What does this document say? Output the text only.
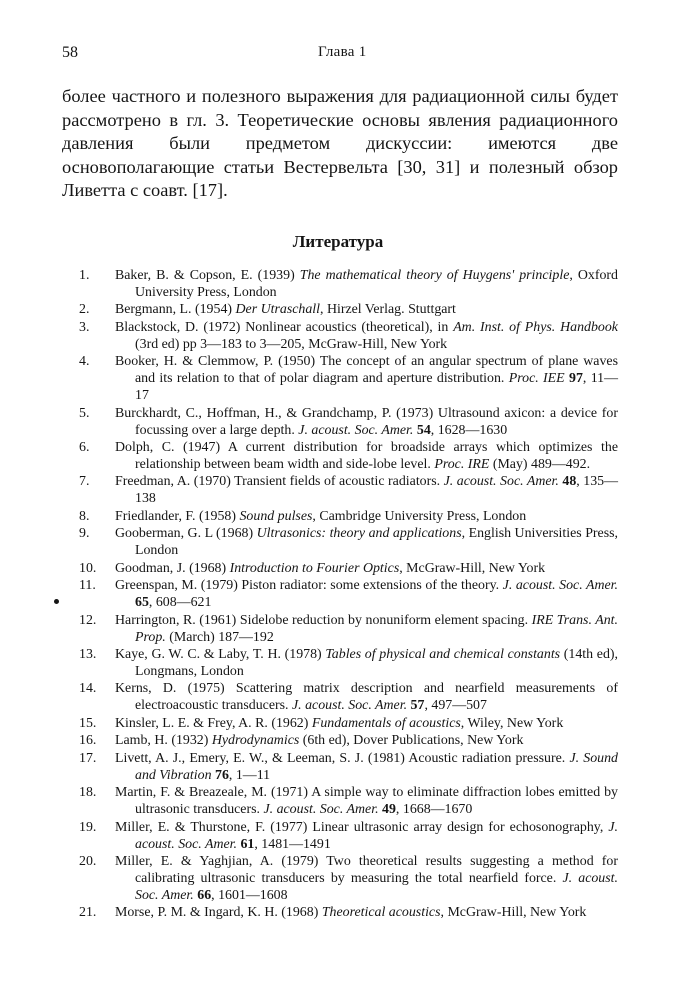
58	Глава 1

более частного и полезного выражения для радиационной силы будет рассмотрено в гл. 3. Теоретические основы явления радиационного давления были предметом дискуссии: имеются две основополагающие статьи Вестервельта [30, 31] и полезный обзор Ливетта с соавт. [17].

Литература
1. Baker, B. & Copson, E. (1939) The mathematical theory of Huygens' principle, Oxford University Press, London
2. Bergmann, L. (1954) Der Utraschall, Hirzel Verlag. Stuttgart
3. Blackstock, D. (1972) Nonlinear acoustics (theoretical), in Am. Inst. of Phys. Handbook (3rd ed) pp 3—183 to 3—205, McGraw-Hill, New York
4. Booker, H. & Clemmow, P. (1950) The concept of an angular spectrum of plane waves and its relation to that of polar diagram and aperture distribution. Proc. IEE 97, 11—17
5. Burckhardt, C., Hoffman, H., & Grandchamp, P. (1973) Ultrasound axicon: a device for focussing over a large depth. J. acoust. Soc. Amer. 54, 1628—1630
6. Dolph, C. (1947) A current distribution for broadside arrays which optimizes the relationship between beam width and side-lobe level. Proc. IRE (May) 489—492.
7. Freedman, A. (1970) Transient fields of acoustic radiators. J. acoust. Soc. Amer. 48, 135—138
8. Friedlander, F. (1958) Sound pulses, Cambridge University Press, London
9. Gooberman, G. L (1968) Ultrasonics: theory and applications, English Universities Press, London
10. Goodman, J. (1968) Introduction to Fourier Optics, McGraw-Hill, New York
11. Greenspan, M. (1979) Piston radiator: some extensions of the theory. J. acoust. Soc. Amer. 65, 608—621
12. Harrington, R. (1961) Sidelobe reduction by nonuniform element spacing. IRE Trans. Ant. Prop. (March) 187—192
13. Kaye, G. W. C. & Laby, T. H. (1978) Tables of physical and chemical constants (14th ed), Longmans, London
14. Kerns, D. (1975) Scattering matrix description and nearfield measurements of electroacoustic transducers. J. acoust. Soc. Amer. 57, 497—507
15. Kinsler, L. E. & Frey, A. R. (1962) Fundamentals of acoustics, Wiley, New York
16. Lamb, H. (1932) Hydrodynamics (6th ed), Dover Publications, New York
17. Livett, A. J., Emery, E. W., & Leeman, S. J. (1981) Acoustic radiation pressure. J. Sound and Vibration 76, 1—11
18. Martin, F. & Breazeale, M. (1971) A simple way to eliminate diffraction lobes emitted by ultrasonic transducers. J. acoust. Soc. Amer. 49, 1668—1670
19. Miller, E. & Thurstone, F. (1977) Linear ultrasonic array design for echosonography, J. acoust. Soc. Amer. 61, 1481—1491
20. Miller, E. & Yaghjian, A. (1979) Two theoretical results suggesting a method for calibrating ultrasonic transducers by measuring the total nearfield force. J. acoust. Soc. Amer. 66, 1601—1608
21. Morse, P. M. & Ingard, K. H. (1968) Theoretical acoustics, McGraw-Hill, New York
